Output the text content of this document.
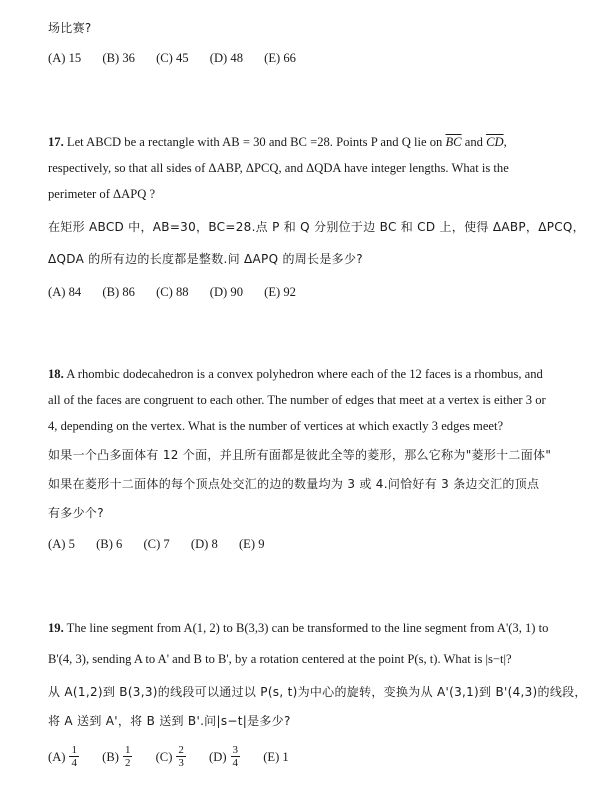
场比赛?
(A) 15 (B) 36 (C) 45 (D) 48 (E) 66
17. Let ABCD be a rectangle with AB = 30 and BC =28. Points P and Q lie on $\overline{BC}$ and $\overline{CD}$,
respectively, so that all sides of ΔABP, ΔPCQ, and ΔQDA have integer lengths. What is the
perimeter of ΔAPQ ?
在矩形 ABCD 中，AB=30，BC=28.点 P 和 Q 分别位于边 BC 和 CD 上，使得 ΔABP，ΔPCQ，
ΔQDA 的所有边的长度都是整数.问 ΔAPQ 的周长是多少?
(A) 84 (B) 86 (C) 88 (D) 90 (E) 92
18. A rhombic dodecahedron is a convex polyhedron where each of the 12 faces is a rhombus, and
all of the faces are congruent to each other. The number of edges that meet at a vertex is either 3 or
4, depending on the vertex. What is the number of vertices at which exactly 3 edges meet?
如果一个凸多面体有 12 个面，并且所有面都是彼此全等的菱形，那么它称为"菱形十二面体"
如果在菱形十二面体的每个顶点处交汇的边的数量均为 3 或 4.问恰好有 3 条边交汇的顶点
有多少个?
(A) 5 (B) 6 (C) 7 (D) 8 (E) 9
19. The line segment from A(1, 2) to B(3,3) can be transformed to the line segment from A'(3, 1) to
B'(4, 3), sending A to A' and B to B', by a rotation centered at the point P(s, t). What is |s−t|?
从 A(1,2)到 B(3,3)的线段可以通过以 P(s, t)为中心的旋转，变换为从 A'(3,1)到 B'(4,3)的线段，
将 A 送到 A'，将 B 送到 B'.问|s−t|是多少?
$(A) \frac{1}{4}$
$(B) \frac{1}{2}$
$(C) \frac{2}{3}$
$(D) \frac{3}{4} (E)$ 1
